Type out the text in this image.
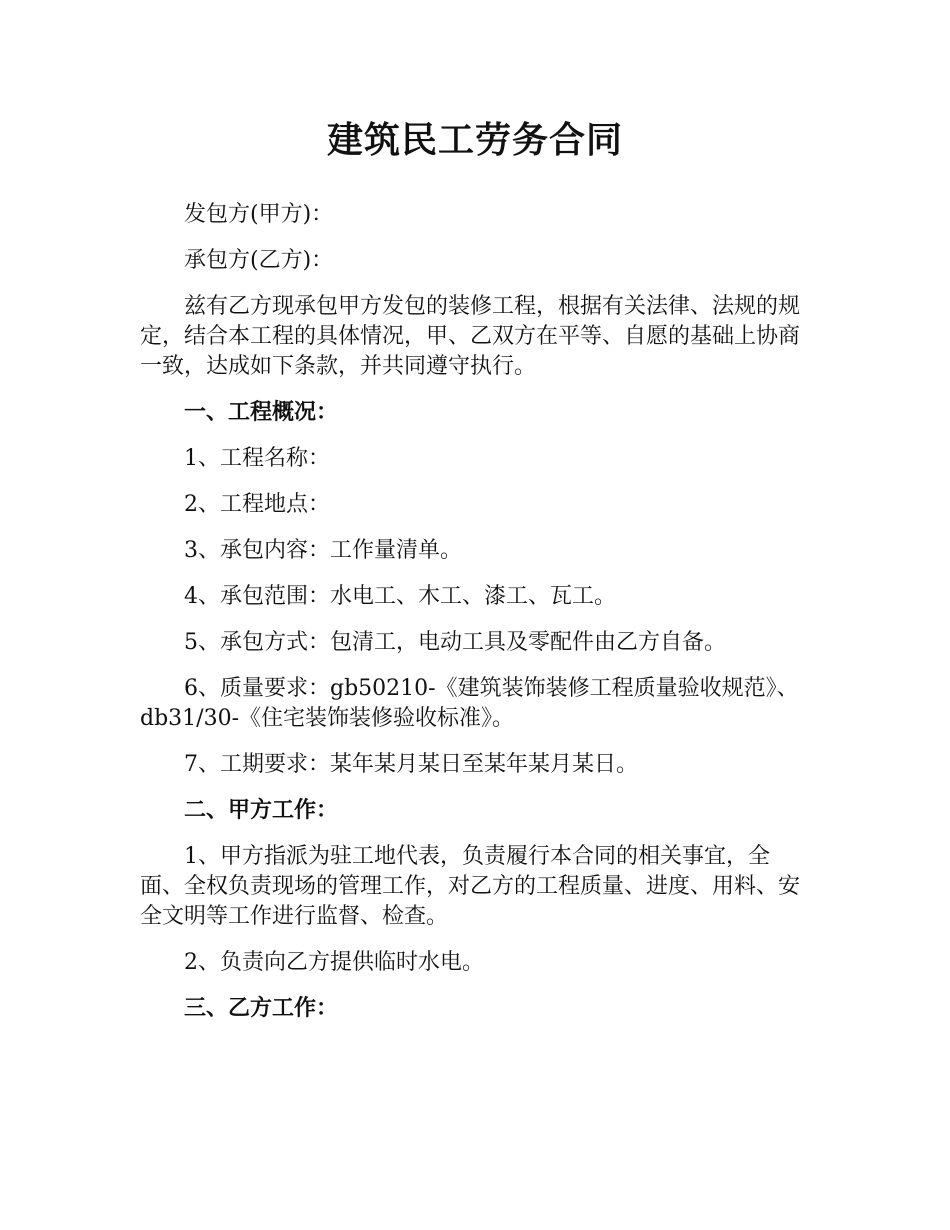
建筑民工劳务合同

发包方(甲方)：

承包方(乙方)：

兹有乙方现承包甲方发包的装修工程，根据有关法律、法规的规定，结合本工程的具体情况，甲、乙双方在平等、自愿的基础上协商一致，达成如下条款，并共同遵守执行。

一、工程概况：

1、工程名称：

2、工程地点：

3、承包内容：工作量清单。

4、承包范围：水电工、木工、漆工、瓦工。

5、承包方式：包清工，电动工具及零配件由乙方自备。

6、质量要求：gb50210-《建筑装饰装修工程质量验收规范》、db31/30-《住宅装饰装修验收标准》。

7、工期要求：某年某月某日至某年某月某日。

二、甲方工作：

1、甲方指派为驻工地代表，负责履行本合同的相关事宜，全面、全权负责现场的管理工作，对乙方的工程质量、进度、用料、安全文明等工作进行监督、检查。

2、负责向乙方提供临时水电。

三、乙方工作：
